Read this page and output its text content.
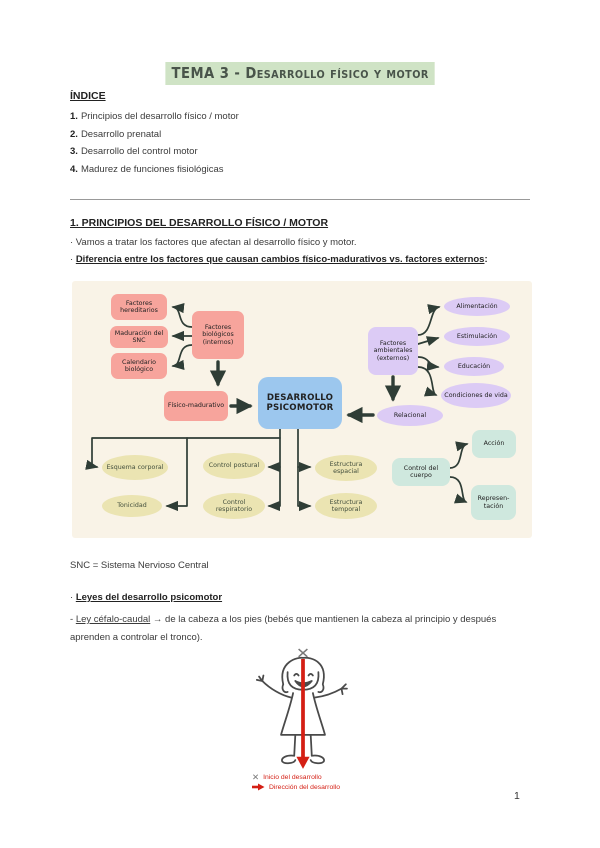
TEMA 3 - Desarrollo físico y motor
ÍNDICE
1. Principios del desarrollo físico / motor
2. Desarrollo prenatal
3. Desarrollo del control motor
4. Madurez de funciones fisiológicas
1. PRINCIPIOS DEL DESARROLLO FÍSICO / MOTOR
· Vamos a tratar los factores que afectan al desarrollo físico y motor.
· Diferencia entre los factores que causan cambios físico-madurativos vs. factores externos:
Factores hereditarios
Maduración del SNC
Calendario biológico
Factores biológicos (internos)
Físico-madurativo
DESARROLLO PSICOMOTOR
Factores ambientales (externos)
Alimentación
Estimulación
Educación
Condiciones de vida
Relacional
Esquema corporal
Tonicidad
Control postural
Control respiratorio
Estructura espacial
Estructura temporal
Control del cuerpo
Acción
Represen-tación
SNC = Sistema Nervioso Central
· Leyes del desarrollo psicomotor
- Ley céfalo-caudal → de la cabeza a los pies (bebés que mantienen la cabeza al principio y después aprenden a controlar el tronco).
✕ Inicio del desarrollo
Dirección del desarrollo
1
